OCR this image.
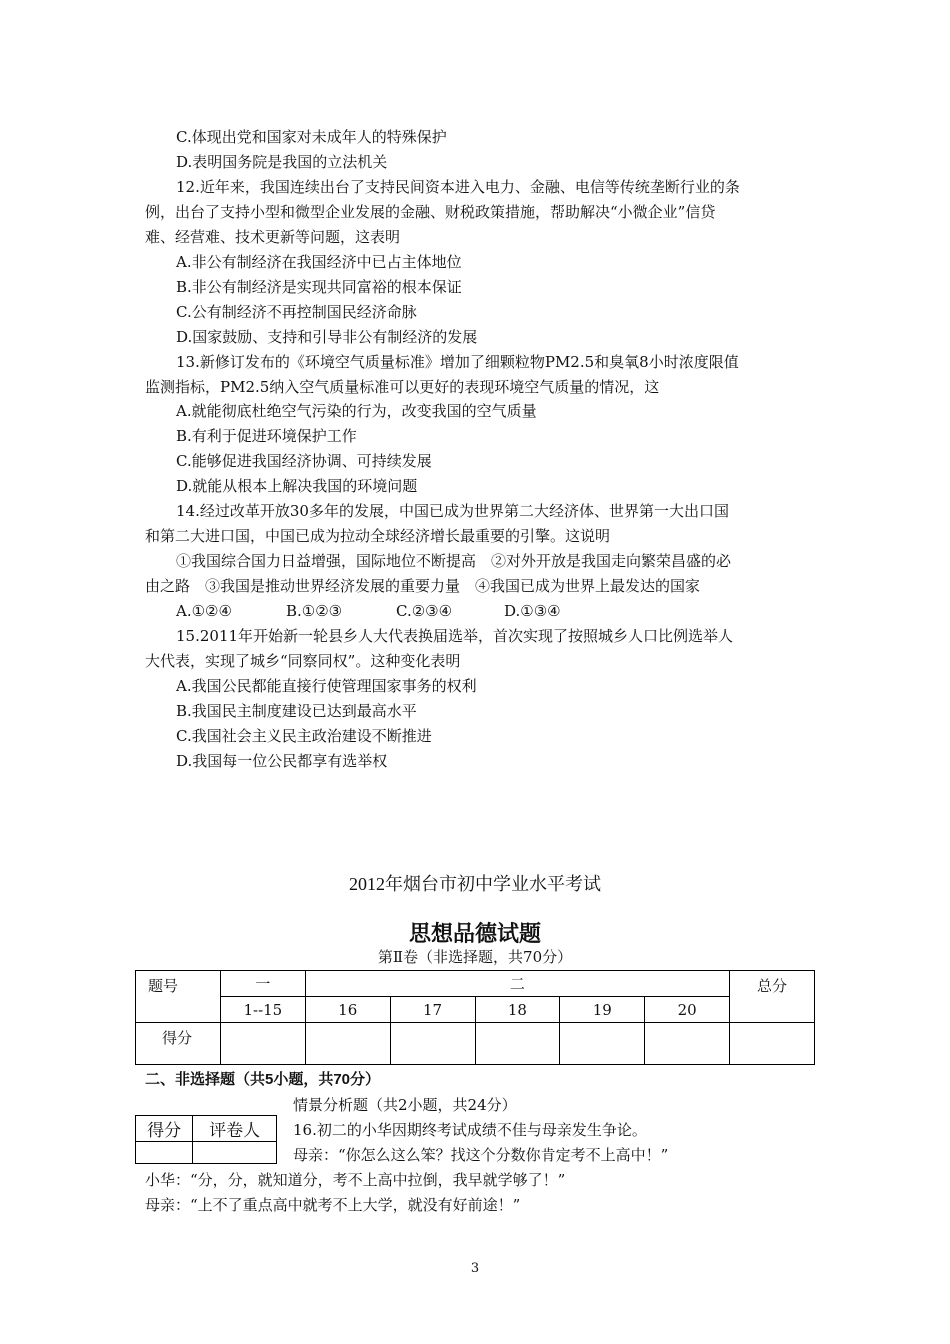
C.体现出党和国家对未成年人的特殊保护
D.表明国务院是我国的立法机关
12.近年来，我国连续出台了支持民间资本进入电力、金融、电信等传统垄断行业的条
例，出台了支持小型和微型企业发展的金融、财税政策措施，帮助解决“小微企业”信贷
难、经营难、技术更新等问题，这表明
A.非公有制经济在我国经济中已占主体地位
B.非公有制经济是实现共同富裕的根本保证
C.公有制经济不再控制国民经济命脉
D.国家鼓励、支持和引导非公有制经济的发展
13.新修订发布的《环境空气质量标准》增加了细颗粒物PM2.5和臭氧8小时浓度限值
监测指标，PM2.5纳入空气质量标准可以更好的表现环境空气质量的情况，这
A.就能彻底杜绝空气污染的行为，改变我国的空气质量
B.有利于促进环境保护工作
C.能够促进我国经济协调、可持续发展
D.就能从根本上解决我国的环境问题
14.经过改革开放30多年的发展，中国已成为世界第二大经济体、世界第一大出口国
和第二大进口国，中国已成为拉动全球经济增长最重要的引擎。这说明
①我国综合国力日益增强，国际地位不断提高　②对外开放是我国走向繁荣昌盛的必
由之路　③我国是推动世界经济发展的重要力量　④我国已成为世界上最发达的国家
A.①②④	B.①②③	C.②③④	D.①③④
15.2011年开始新一轮县乡人大代表换届选举，首次实现了按照城乡人口比例选举人
大代表，实现了城乡“同察同权”。这种变化表明
A.我国公民都能直接行使管理国家事务的权利
B.我国民主制度建设已达到最高水平
C.我国社会主义民主政治建设不断推进
D.我国每一位公民都享有选举权
2012年烟台市初中学业水平考试
思想品德试题
第Ⅱ卷（非选择题，共70分）
题号	一	二					总分
	1--15	16	17	18	19	20	
得分							
二、非选择题（共5小题，共70分）
得分	评卷人

情景分析题（共2小题，共24分）
16.初二的小华因期终考试成绩不佳与母亲发生争论。
母亲：“你怎么这么笨？找这个分数你肯定考不上高中！”
小华：“分，分，就知道分，考不上高中拉倒，我早就学够了！”
母亲：“上不了重点高中就考不上大学，就没有好前途！”
3
